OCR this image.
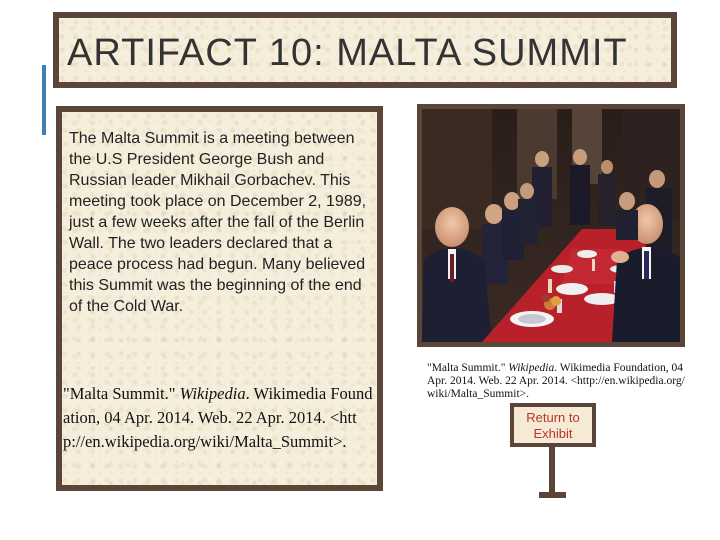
ARTIFACT 10: MALTA SUMMIT
The Malta Summit is a meeting between the U.S President George Bush and Russian leader Mikhail Gorbachev. This meeting took place on December 2, 1989, just a few weeks after the fall of the Berlin Wall. The two leaders declared that a peace process had begun. Many believed this Summit was the beginning of the end of the Cold War.
"Malta Summit." Wikipedia. Wikimedia Foundation, 04 Apr. 2014. Web. 22 Apr. 2014. <http://en.wikipedia.org/wiki/Malta_Summit>.
"Malta Summit." Wikipedia. Wikimedia Foundation, 04 Apr. 2014. Web. 22 Apr. 2014. <http://en.wikipedia.org/wiki/Malta_Summit>.
Return to
Exhibit
